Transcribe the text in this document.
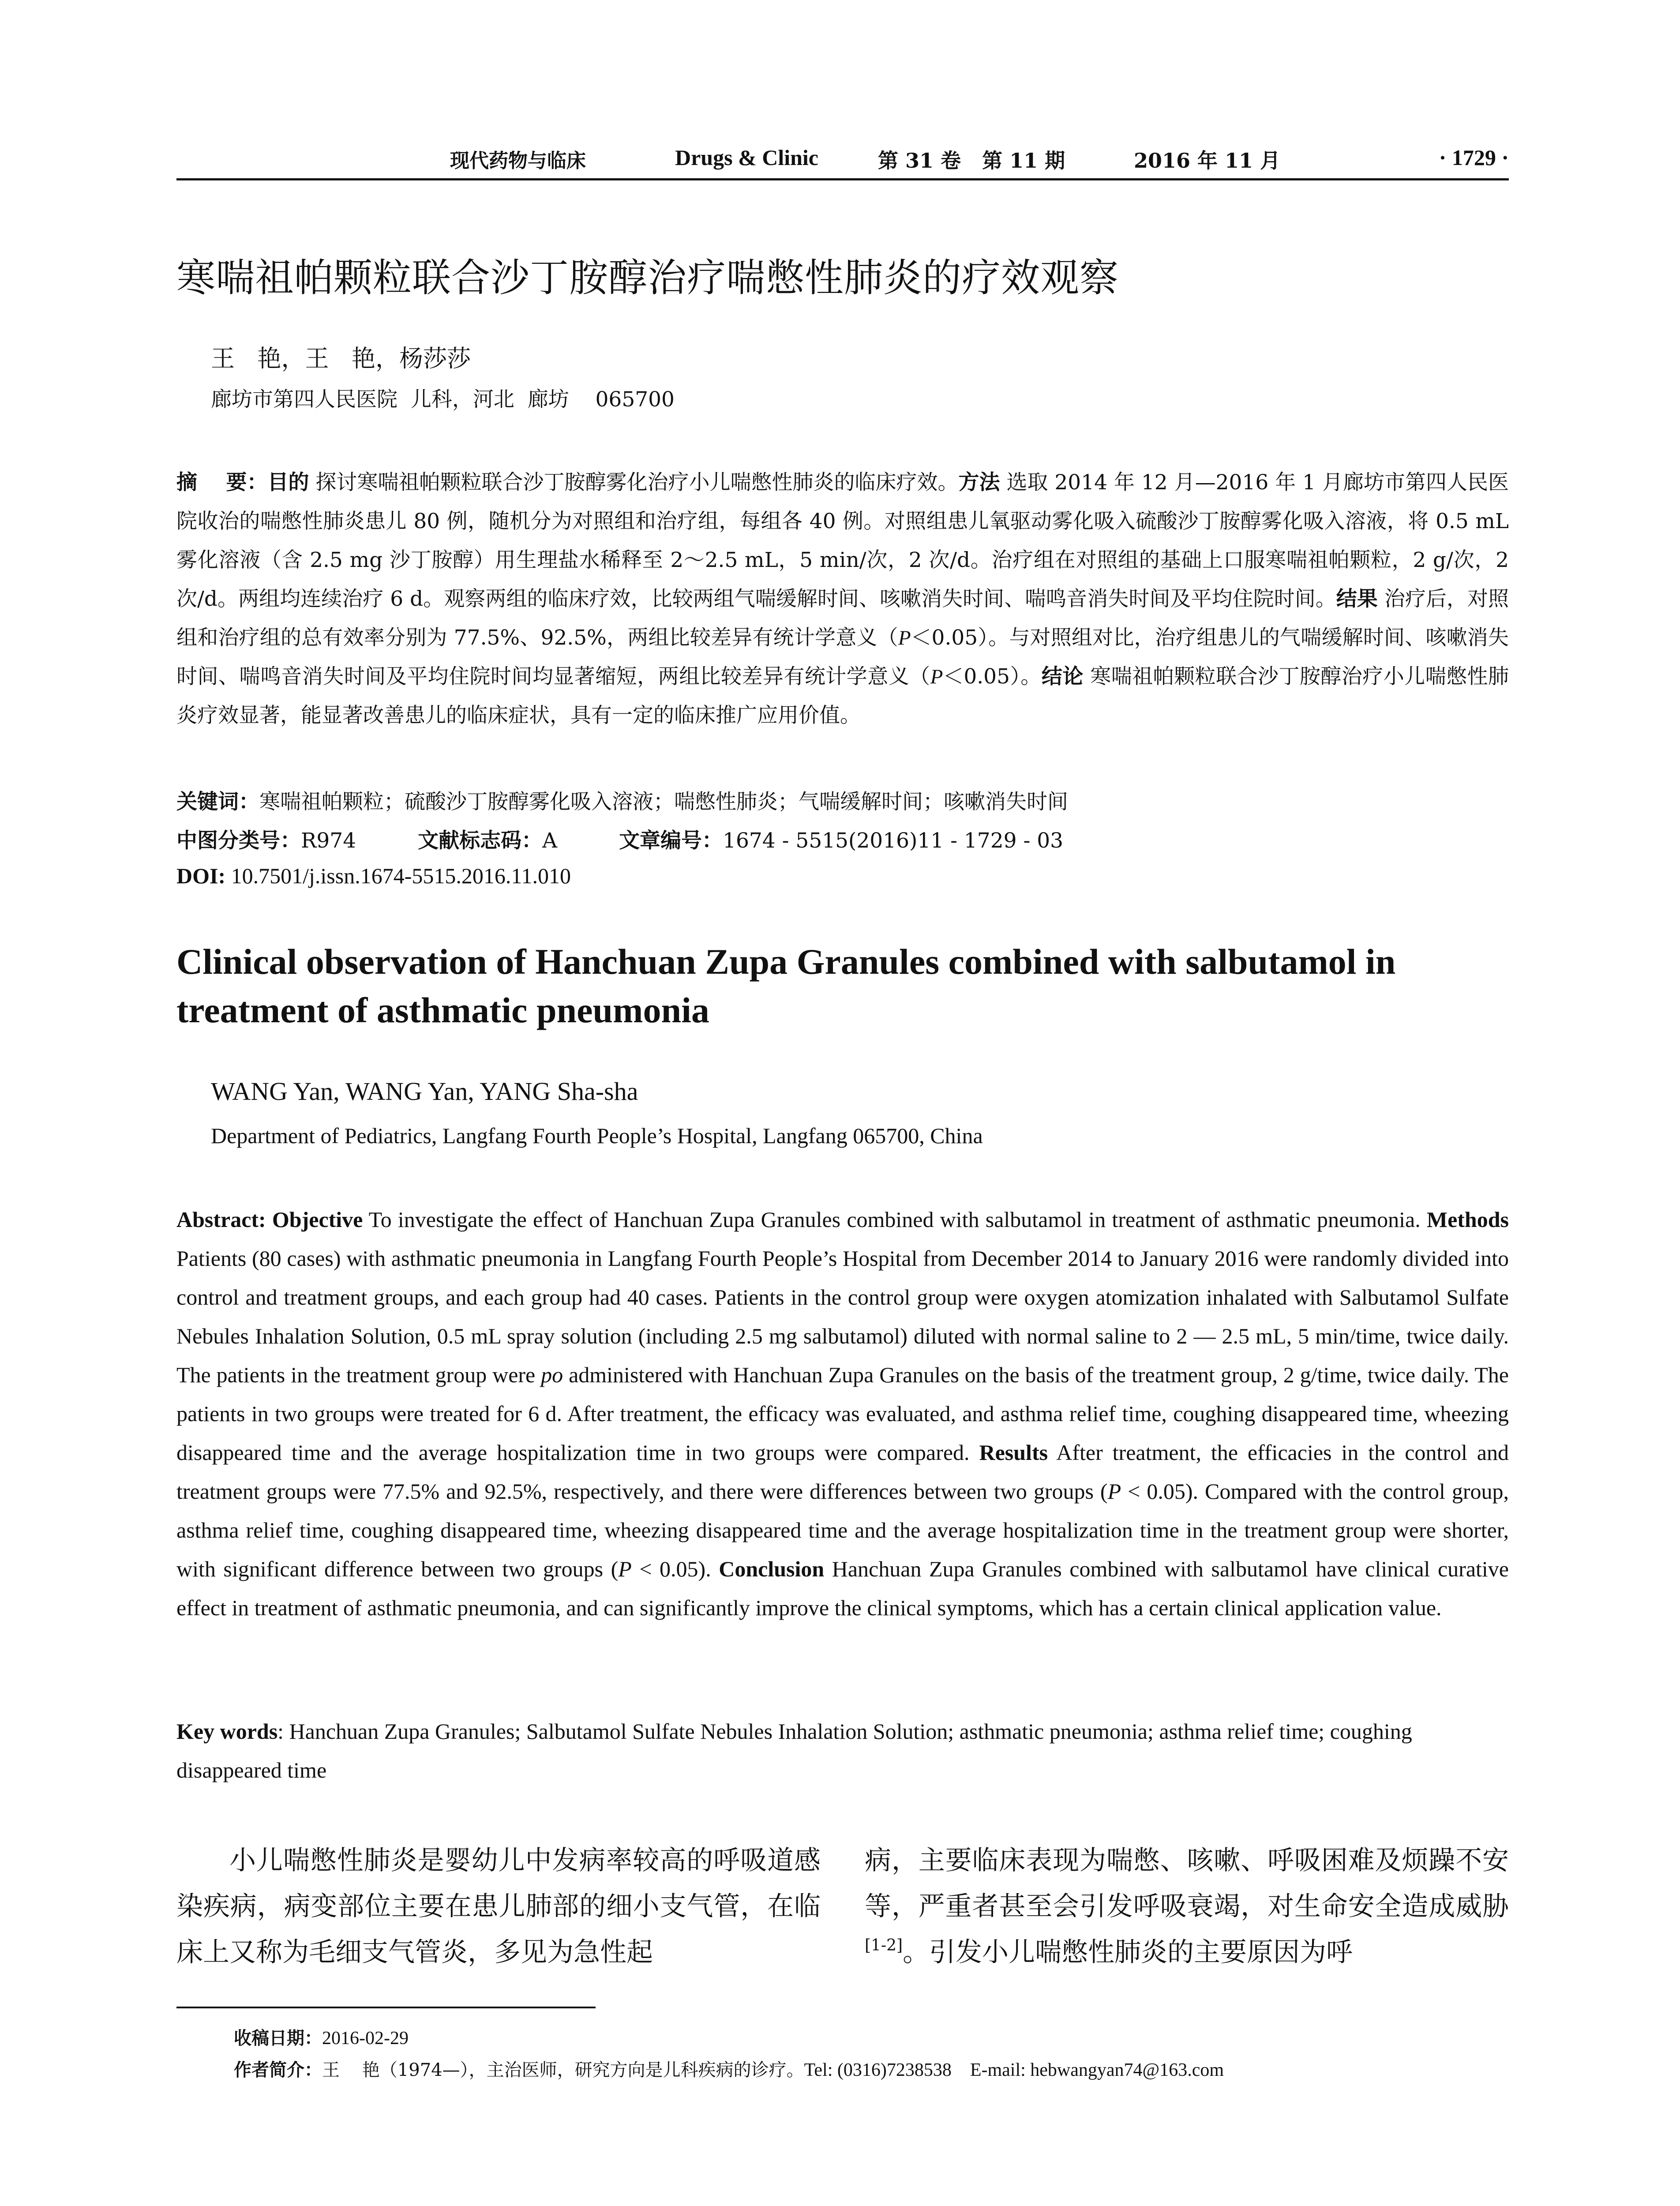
现代药物与临床	Drugs & Clinic	第 31 卷   第 11 期	2016 年 11 月	· 1729 ·
寒喘祖帕颗粒联合沙丁胺醇治疗喘憋性肺炎的疗效观察
王   艳，王   艳，杨莎莎
廊坊市第四人民医院  儿科，河北  廊坊    065700
摘    要：目的 探讨寒喘祖帕颗粒联合沙丁胺醇雾化治疗小儿喘憋性肺炎的临床疗效。方法 选取 2014 年 12 月—2016 年 1 月廊坊市第四人民医院收治的喘憋性肺炎患儿 80 例，随机分为对照组和治疗组，每组各 40 例。对照组患儿氧驱动雾化吸入硫酸沙丁胺醇雾化吸入溶液，将 0.5 mL 雾化溶液（含 2.5 mg 沙丁胺醇）用生理盐水稀释至 2～2.5 mL，5 min/次，2 次/d。治疗组在对照组的基础上口服寒喘祖帕颗粒，2 g/次，2 次/d。两组均连续治疗 6 d。观察两组的临床疗效，比较两组气喘缓解时间、咳嗽消失时间、喘鸣音消失时间及平均住院时间。结果 治疗后，对照组和治疗组的总有效率分别为 77.5%、92.5%，两组比较差异有统计学意义（P＜0.05）。与对照组对比，治疗组患儿的气喘缓解时间、咳嗽消失时间、喘鸣音消失时间及平均住院时间均显著缩短，两组比较差异有统计学意义（P＜0.05）。结论 寒喘祖帕颗粒联合沙丁胺醇治疗小儿喘憋性肺炎疗效显著，能显著改善患儿的临床症状，具有一定的临床推广应用价值。
关键词：寒喘祖帕颗粒；硫酸沙丁胺醇雾化吸入溶液；喘憋性肺炎；气喘缓解时间；咳嗽消失时间
中图分类号：R974	文献标志码：A	文章编号：1674 - 5515(2016)11 - 1729 - 03
DOI: 10.7501/j.issn.1674-5515.2016.11.010
Clinical observation of Hanchuan Zupa Granules combined with salbutamol in treatment of asthmatic pneumonia
WANG Yan, WANG Yan, YANG Sha-sha
Department of Pediatrics, Langfang Fourth People’s Hospital, Langfang 065700, China
Abstract: Objective To investigate the effect of Hanchuan Zupa Granules combined with salbutamol in treatment of asthmatic pneumonia. Methods Patients (80 cases) with asthmatic pneumonia in Langfang Fourth People’s Hospital from December 2014 to January 2016 were randomly divided into control and treatment groups, and each group had 40 cases. Patients in the control group were oxygen atomization inhalated with Salbutamol Sulfate Nebules Inhalation Solution, 0.5 mL spray solution (including 2.5 mg salbutamol) diluted with normal saline to 2 — 2.5 mL, 5 min/time, twice daily. The patients in the treatment group were po administered with Hanchuan Zupa Granules on the basis of the treatment group, 2 g/time, twice daily. The patients in two groups were treated for 6 d. After treatment, the efficacy was evaluated, and asthma relief time, coughing disappeared time, wheezing disappeared time and the average hospitalization time in two groups were compared. Results After treatment, the efficacies in the control and treatment groups were 77.5% and 92.5%, respectively, and there were differences between two groups (P < 0.05). Compared with the control group, asthma relief time, coughing disappeared time, wheezing disappeared time and the average hospitalization time in the treatment group were shorter, with significant difference between two groups (P < 0.05). Conclusion Hanchuan Zupa Granules combined with salbutamol have clinical curative effect in treatment of asthmatic pneumonia, and can significantly improve the clinical symptoms, which has a certain clinical application value.
Key words: Hanchuan Zupa Granules; Salbutamol Sulfate Nebules Inhalation Solution; asthmatic pneumonia; asthma relief time; coughing disappeared time
小儿喘憋性肺炎是婴幼儿中发病率较高的呼吸道感染疾病，病变部位主要在患儿肺部的细小支气管，在临床上又称为毛细支气管炎，多见为急性起
病，主要临床表现为喘憋、咳嗽、呼吸困难及烦躁不安等，严重者甚至会引发呼吸衰竭，对生命安全造成威胁[1-2]。引发小儿喘憋性肺炎的主要原因为呼
收稿日期：2016-02-29
作者简介：王    艳（1974—），主治医师，研究方向是儿科疾病的诊疗。Tel: (0316)7238538    E-mail: hebwangyan74@163.com
